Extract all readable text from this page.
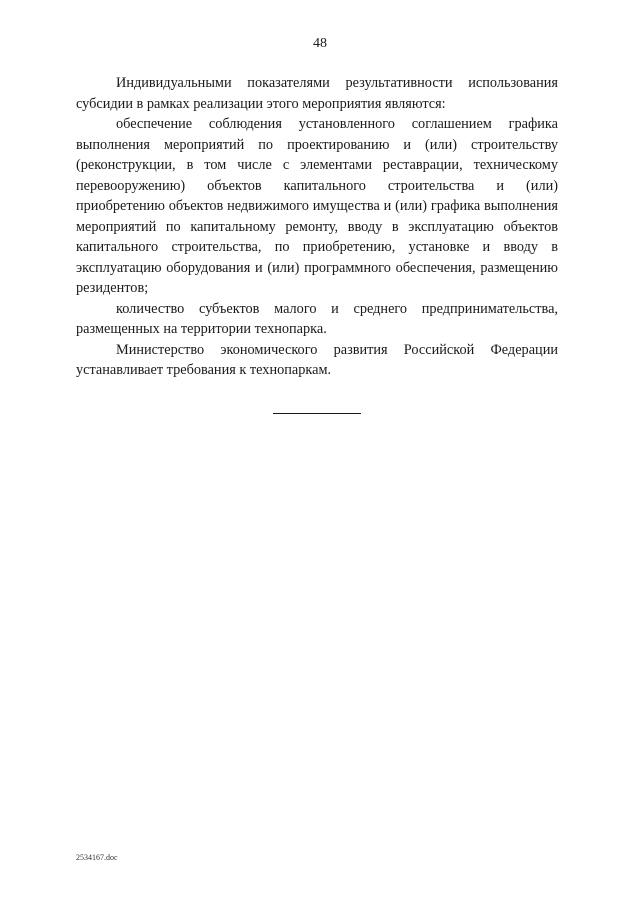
48

Индивидуальными показателями результативности использования субсидии в рамках реализации этого мероприятия являются:

обеспечение соблюдения установленного соглашением графика выполнения мероприятий по проектированию и (или) строительству (реконструкции, в том числе с элементами реставрации, техническому перевооружению) объектов капитального строительства и (или) приобретению объектов недвижимого имущества и (или) графика выполнения мероприятий по капитальному ремонту, вводу в эксплуатацию объектов капитального строительства, по приобретению, установке и вводу в эксплуатацию оборудования и (или) программного обеспечения, размещению резидентов;

количество субъектов малого и среднего предпринимательства, размещенных на территории технопарка.

Министерство экономического развития Российской Федерации устанавливает требования к технопаркам.

2534167.doc
